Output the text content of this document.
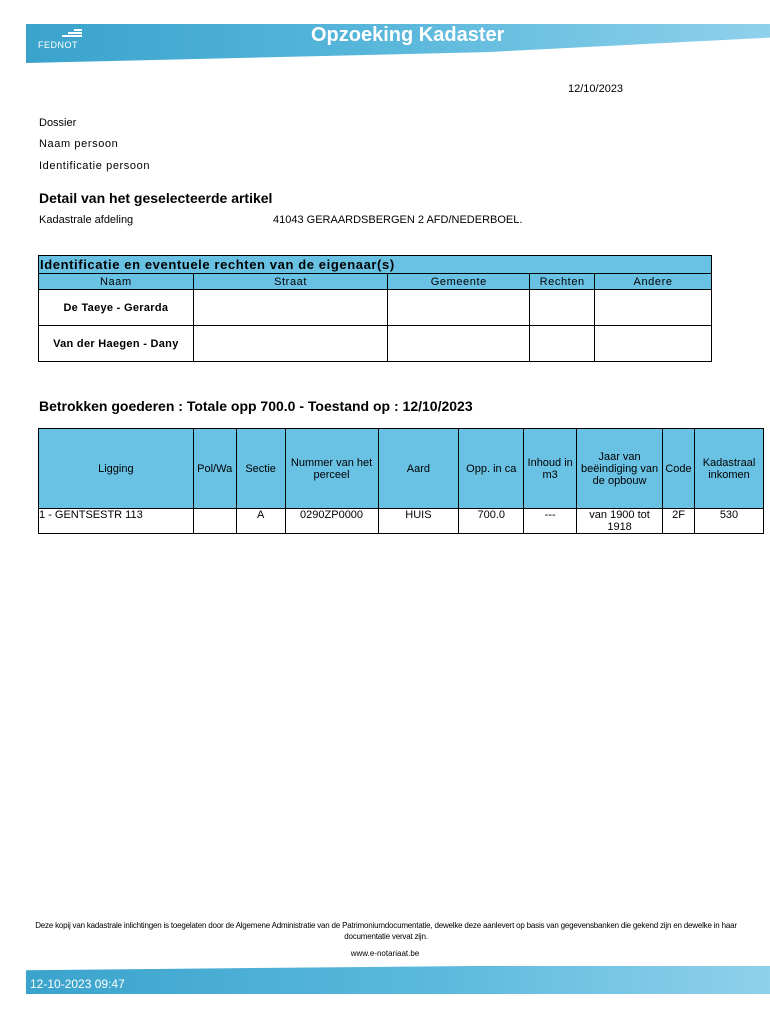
FEDNOT	Opzoeking Kadaster
12/10/2023
Dossier
Naam persoon
Identificatie persoon
Detail van het geselecteerde artikel
Kadastrale afdeling	41043 GERAARDSBERGEN 2 AFD/NEDERBOEL.
Identificatie en eventuele rechten van de eigenaar(s)				
Naam	Straat	Gemeente	Rechten	Andere
De Taeye - Gerarda				
Van der Haegen - Dany				
Betrokken goederen : Totale opp 700.0 - Toestand op : 12/10/2023
Ligging	Pol/Wa	Sectie	Nummer van het perceel	Aard	Opp. in ca	Inhoud in m3	Jaar van beëindiging van de opbouw	Code	Kadastraal inkomen
1 - GENTSESTR 113		A	0290ZP0000	HUIS	700.0	---	van 1900 tot 1918	2F	530
Deze kopij van kadastrale inlichtingen is toegelaten door de Algemene Administratie van de Patrimoniumdocumentatie, dewelke deze aanlevert op basis van gegevensbanken die gekend zijn en dewelke in haar documentatie vervat zijn.
www.e-notariaat.be
12-10-2023 09:47
